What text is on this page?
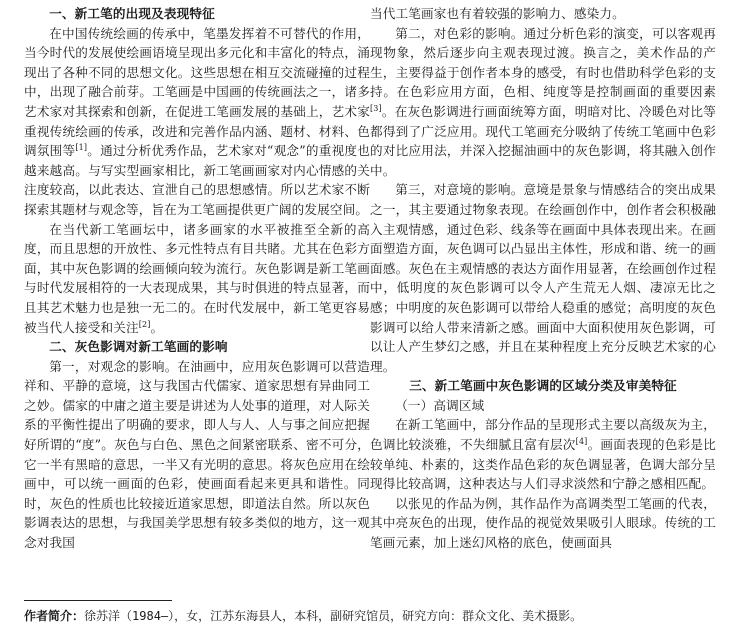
一、新工笔的出现及表现特征

在中国传统绘画的传承中，笔墨发挥着不可替代的作用，当今时代的发展使绘画语境呈现出多元化和丰富化的特点，涌现出了各种不同的思想文化。这些思想在相互交流碰撞的过程中，出现了融合前芽。工笔画是中国画的传统画法之一，诸多艺术家对其探索和创新，在促进工笔画发展的基础上，艺术家重视传统绘画的传承，改进和完善作品内涵、题材、材料、色调氛围等[1]。通过分析优秀作品，艺术家对“观念”的重视度也越来越高。与写实型画家相比，新工笔画画家对内心情感的关注度较高，以此表达、宣泄自己的思想感情。所以艺术家不断探索其题材与观念等，旨在为工笔画提供更广阔的发展空间。

在当代新工笔画坛中，诸多画家的水平被推至全新的高度，而且思想的开放性、多元性特点有目共睹。尤其在色彩方面，其中灰色影调的绘画倾向较为流行。灰色影调是新工笔画与时代发展相符的一大表现成果，其与时俱进的特点显著，而且其艺术魅力也是独一无二的。在时代发展中，新工笔更容易被当代人接受和关注[2]。

二、灰色影调对新工笔画的影响

第一，对观念的影响。在油画中，应用灰色影调可以营造祥和、平静的意境，这与我国古代儒家、道家思想有异曲同工之妙。儒家的中庸之道主要是讲述为人处事的道理，对人际关系的平衡性提出了明确的要求，即人与人、人与事之间应把握好所谓的“度”。灰色与白色、黑色之间紧密联系、密不可分，它一半有黑暗的意思，一半又有光明的意思。将灰色应用在绘画中，可以统一画面的色彩，使画面看起来更具和谐性。同时，灰色的性质也比较接近道家思想，即道法自然。所以灰色影调表达的思想，与我国美学思想有较多类似的地方，这一观念对我国

当代工笔画家也有着较强的影响力、感染力。

第二，对色彩的影响。通过分析色彩的演变，可以客观再现物象，然后逐步向主观表现过渡。换言之，美术作品的产生，主要得益于创作者本身的感受，有时也借助科学色彩的支持。在色彩应用方面，色相、纯度等是控制画面的重要因素[3]。在灰色影调进行画面统筹方面，明暗对比、冷暖色对比等都得到了广泛应用。现代工笔画充分吸纳了传统工笔画中色彩的对比应用法，并深入挖掘油画中的灰色影调，将其融入创作中。

第三，对意境的影响。意境是景象与情感结合的突出成果之一，其主要通过物象表现。在绘画创作中，创作者会积极融入主观情感，通过色彩、线条等在画面中具体表现出来。在画面塑造方面，灰色调可以凸显出主体性，形成和谐、统一的画面感。灰色在主观情感的表达方面作用显著，在绘画创作过程中，低明度的灰色影调可以令人产生荒无人烟、凄凉无比之感；中明度的灰色影调可以带给人稳重的感觉；高明度的灰色影调可以给人带来清新之感。画面中大面积使用灰色影调，可以让人产生梦幻之感，并且在某种程度上充分反映艺术家的心理。

三、新工笔画中灰色影调的区域分类及审美特征
（一）高调区域

在新工笔画中，部分作品的呈现形式主要以高级灰为主，色调比较淡雅，不失细腻且富有层次[4]。画面表现的色彩是比较单纯、朴素的，这类作品色彩的灰色调显著，色调大部分呈现得比较高调，这种表达与人们寻求淡然和宁静之感相匹配。

以张见的作品为例，其作品作为高调类型工笔画的代表，其中亮灰色的出现，使作品的视觉效果吸引人眼球。传统的工笔画元素，加上迷幻风格的底色，使画面具

作者简介：徐苏洋（1984—），女，江苏东海县人，本科，副研究馆员，研究方向：群众文化、美术摄影。
